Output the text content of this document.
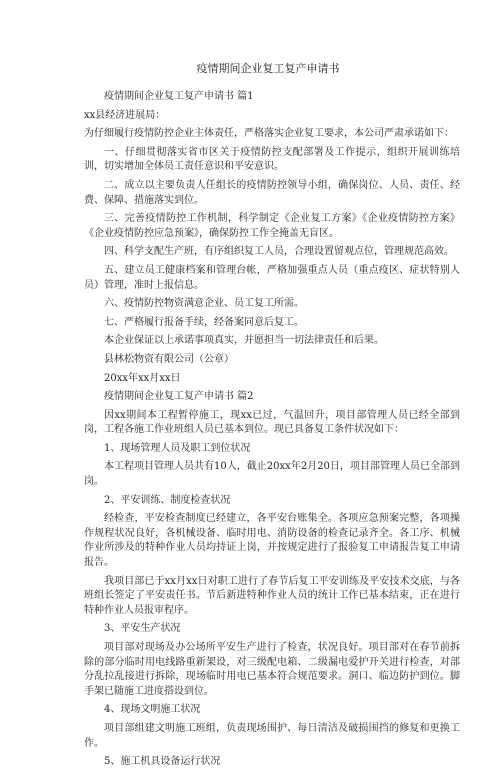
疫情期间企业复工复产申请书

疫情期间企业复工复产申请书 篇1

xx县经济进展局：

为仔细履行疫情防控企业主体责任，严格落实企业复工要求，本公司严肃承诺如下：

一、仔细贯彻落实省市区关于疫情防控支配部署及工作提示，组织开展训练培训，切实增加全体员工责任意识和平安意识。

二、成立以主要负责人任组长的疫情防控领导小组，确保岗位、人员、责任、经费、保障、措施落实到位。

三、完善疫情防控工作机制，科学制定《企业复工方案》《企业疫情防控方案》《企业疫情防控应急预案》，确保防控工作全掩盖无盲区。

四、科学支配生产班，有序组织复工人员，合理设置留观点位，管理规范高效。

五、建立员工健康档案和管理台帐，严格加强重点人员（重点疫区、症状特别人员）管理，准时上报信息。

六、疫情防控物资满意企业、员工复工所需。

七、严格履行报备手续，经备案同意后复工。

本企业保证以上承诺事项真实，并愿担当一切法律责任和后果。

县林松物资有限公司（公章）

20xx年xx月xx日

疫情期间企业复工复产申请书 篇2

因xx期间本工程暂停施工，现xx已过，气温回升，项目部管理人员已经全部到岗，工程各施工作业班组人员已基本到位。现已具备复工条件状况如下：

1、现场管理人员及职工到位状况

本工程项目管理人员共有10人，截止20xx年2月20日，项目部管理人员已全部到岗。

2、平安训练、制度检查状况

经检查，平安检查制度已经建立，各平安台账集全。各项应急预案完整，各项操作规程状况良好，各机械设备、临时用电、消防设备的检查记录齐全。各工序、机械作业所涉及的特种作业人员均持证上岗，并按规定进行了报验复工申请报告复工申请报告。

我项目部已于xx月xx日对职工进行了春节后复工平安训练及平安技术交底，与各班组长签定了平安责任书。节后新进特种作业人员的统计工作已基本结束，正在进行特种作业人员报审程序。

3、平安生产状况

项目部对现场及办公场所平安生产进行了检查，状况良好。项目部对在春节前拆除的部分临时用电线路重新架设，对三级配电箱、二级漏电爱护开关进行检查，对部分乱拉乱接进行拆除，现场临时用电已基本符合规范要求。洞口、临边防护到位。脚手架已随施工进度搭设到位。

4、现场文明施工状况

项目部组建文明施工班组，负责现场围护、每日清洁及破损围挡的修复和更换工作。

5、施工机具设备运行状况
